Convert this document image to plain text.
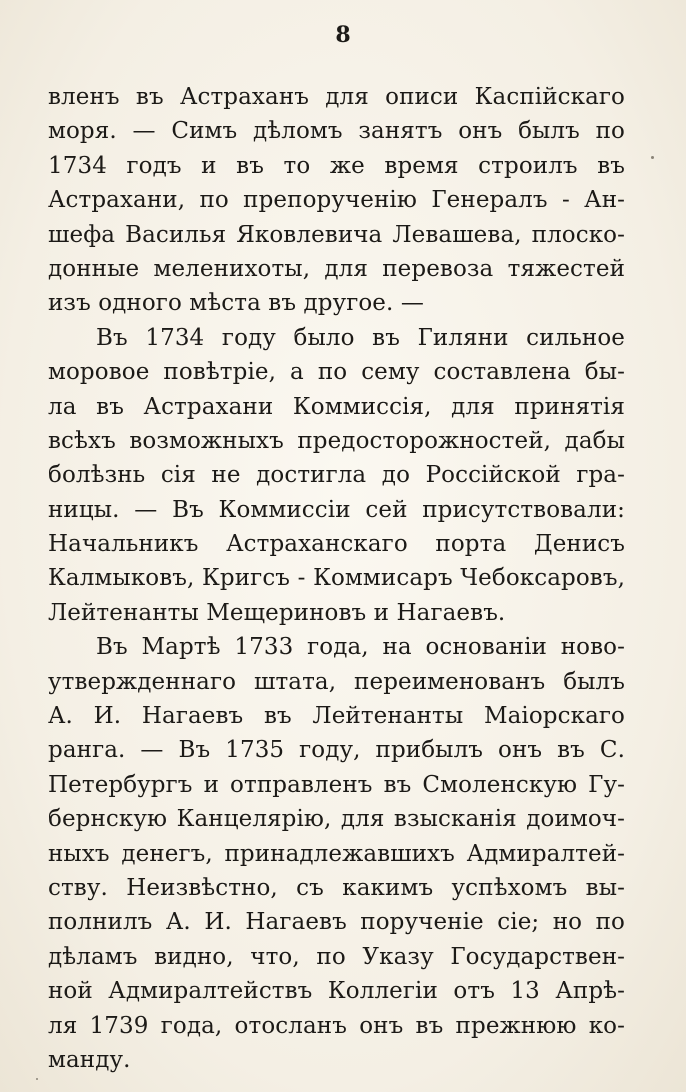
8
вленъ въ Астраханъ для описи Каспійскаго
моря. — Симъ дѣломъ занятъ онъ былъ по
1734 годъ и въ то же время строилъ въ
Астрахани, по препорученію Генералъ - Ан-
шефа Василья Яковлевича Левашева, плоско-
донные меленихоты, для перевоза тяжестей
изъ одного мѣста въ другое. —
Въ 1734 году было въ Гиляни сильное
моровое повѣтріе, а по сему составлена бы-
ла въ Астрахани Коммиссія, для принятія
всѣхъ возможныхъ предосторожностей, дабы
болѣзнь сія не достигла до Россійской гра-
ницы. — Въ Коммиссіи сей присутствовали:
Начальникъ Астраханскаго порта Денисъ
Калмыковъ, Кригсъ - Коммисаръ Чебоксаровъ,
Лейтенанты Мещериновъ и Нагаевъ.
Въ Мартѣ 1733 года, на основаніи ново-
утвержденнаго штата, переименованъ былъ
А. И. Нагаевъ въ Лейтенанты Маіорскаго
ранга. — Въ 1735 году, прибылъ онъ въ С.
Петербургъ и отправленъ въ Смоленскую Гу-
бернскую Канцелярію, для взысканія доимоч-
ныхъ денегъ, принадлежавшихъ Адмиралтей-
ству. Неизвѣстно, съ какимъ успѣхомъ вы-
полнилъ А. И. Нагаевъ порученіе сіе; но по
дѣламъ видно, что, по Указу Государствен-
ной Адмиралтействъ Коллегіи отъ 13 Апрѣ-
ля 1739 года, отосланъ онъ въ прежнюю ко-
манду.
